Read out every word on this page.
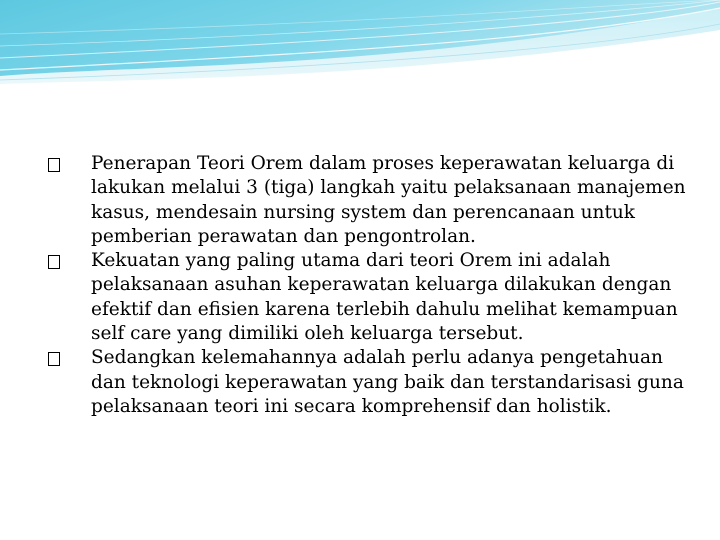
Penerapan Teori Orem dalam proses keperawatan keluarga di lakukan melalui 3 (tiga) langkah yaitu pelaksanaan manajemen kasus, mendesain nursing system dan perencanaan untuk pemberian perawatan dan pengontrolan.
Kekuatan yang paling utama dari teori Orem ini adalah pelaksanaan asuhan keperawatan keluarga dilakukan dengan efektif dan efisien karena terlebih dahulu melihat kemampuan self care yang dimiliki oleh keluarga tersebut.
Sedangkan kelemahannya adalah perlu adanya pengetahuan dan teknologi keperawatan yang baik dan terstandarisasi guna pelaksanaan teori ini secara komprehensif dan holistik.
